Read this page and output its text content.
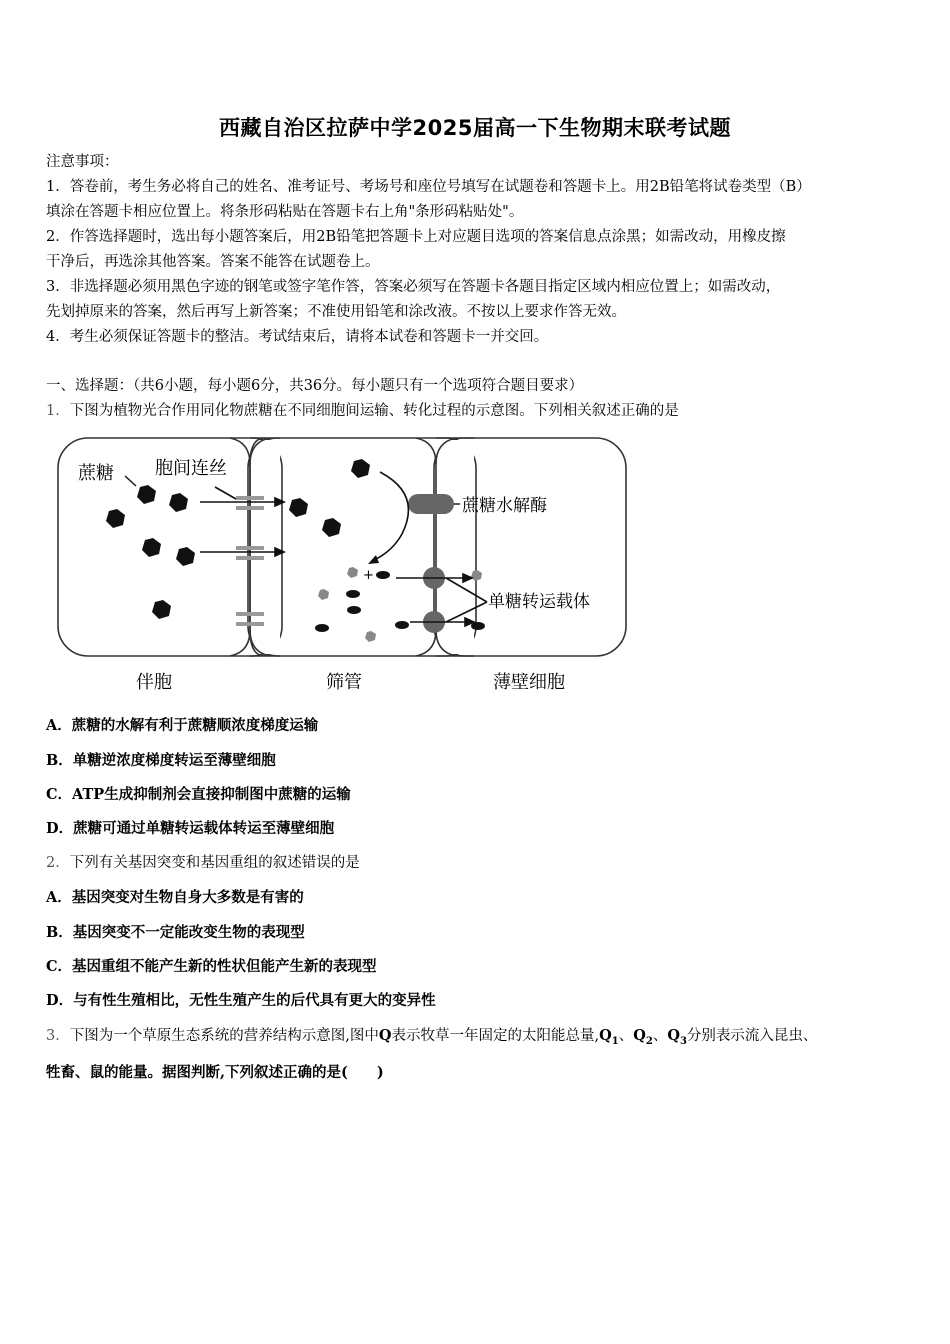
西藏自治区拉萨中学2025届高一下生物期末联考试题
注意事项：
1．答卷前，考生务必将自己的姓名、准考证号、考场号和座位号填写在试题卷和答题卡上。用2B铅笔将试卷类型（B）
填涂在答题卡相应位置上。将条形码粘贴在答题卡右上角"条形码粘贴处"。
2．作答选择题时，选出每小题答案后，用2B铅笔把答题卡上对应题目选项的答案信息点涂黑；如需改动，用橡皮擦
干净后，再选涂其他答案。答案不能答在试题卷上。
3．非选择题必须用黑色字迹的钢笔或签字笔作答，答案必须写在答题卡各题目指定区域内相应位置上；如需改动，
先划掉原来的答案，然后再写上新答案；不准使用铅笔和涂改液。不按以上要求作答无效。
4．考生必须保证答题卡的整洁。考试结束后，请将本试卷和答题卡一并交回。
一、选择题：（共6小题，每小题6分，共36分。每小题只有一个选项符合题目要求）
1．下图为植物光合作用同化物蔗糖在不同细胞间运输、转化过程的示意图。下列相关叙述正确的是
+
蔗糖 胞间连丝
蔗糖水解酶
单糖转运载体
伴胞	筛管	薄壁细胞
A．蔗糖的水解有利于蔗糖顺浓度梯度运输
B．单糖逆浓度梯度转运至薄壁细胞
C．ATP生成抑制剂会直接抑制图中蔗糖的运输
D．蔗糖可通过单糖转运载体转运至薄壁细胞
2．下列有关基因突变和基因重组的叙述错误的是
A．基因突变对生物自身大多数是有害的
B．基因突变不一定能改变生物的表现型
C．基因重组不能产生新的性状但能产生新的表现型
D．与有性生殖相比，无性生殖产生的后代具有更大的变异性
3．下图为一个草原生态系统的营养结构示意图,图中Q表示牧草一年固定的太阳能总量$,Q_1$、$Q_2$、$Q_3$分别表示流入昆虫、
牲畜、鼠的能量。据图判断,下列叙述正确的是(　　)
